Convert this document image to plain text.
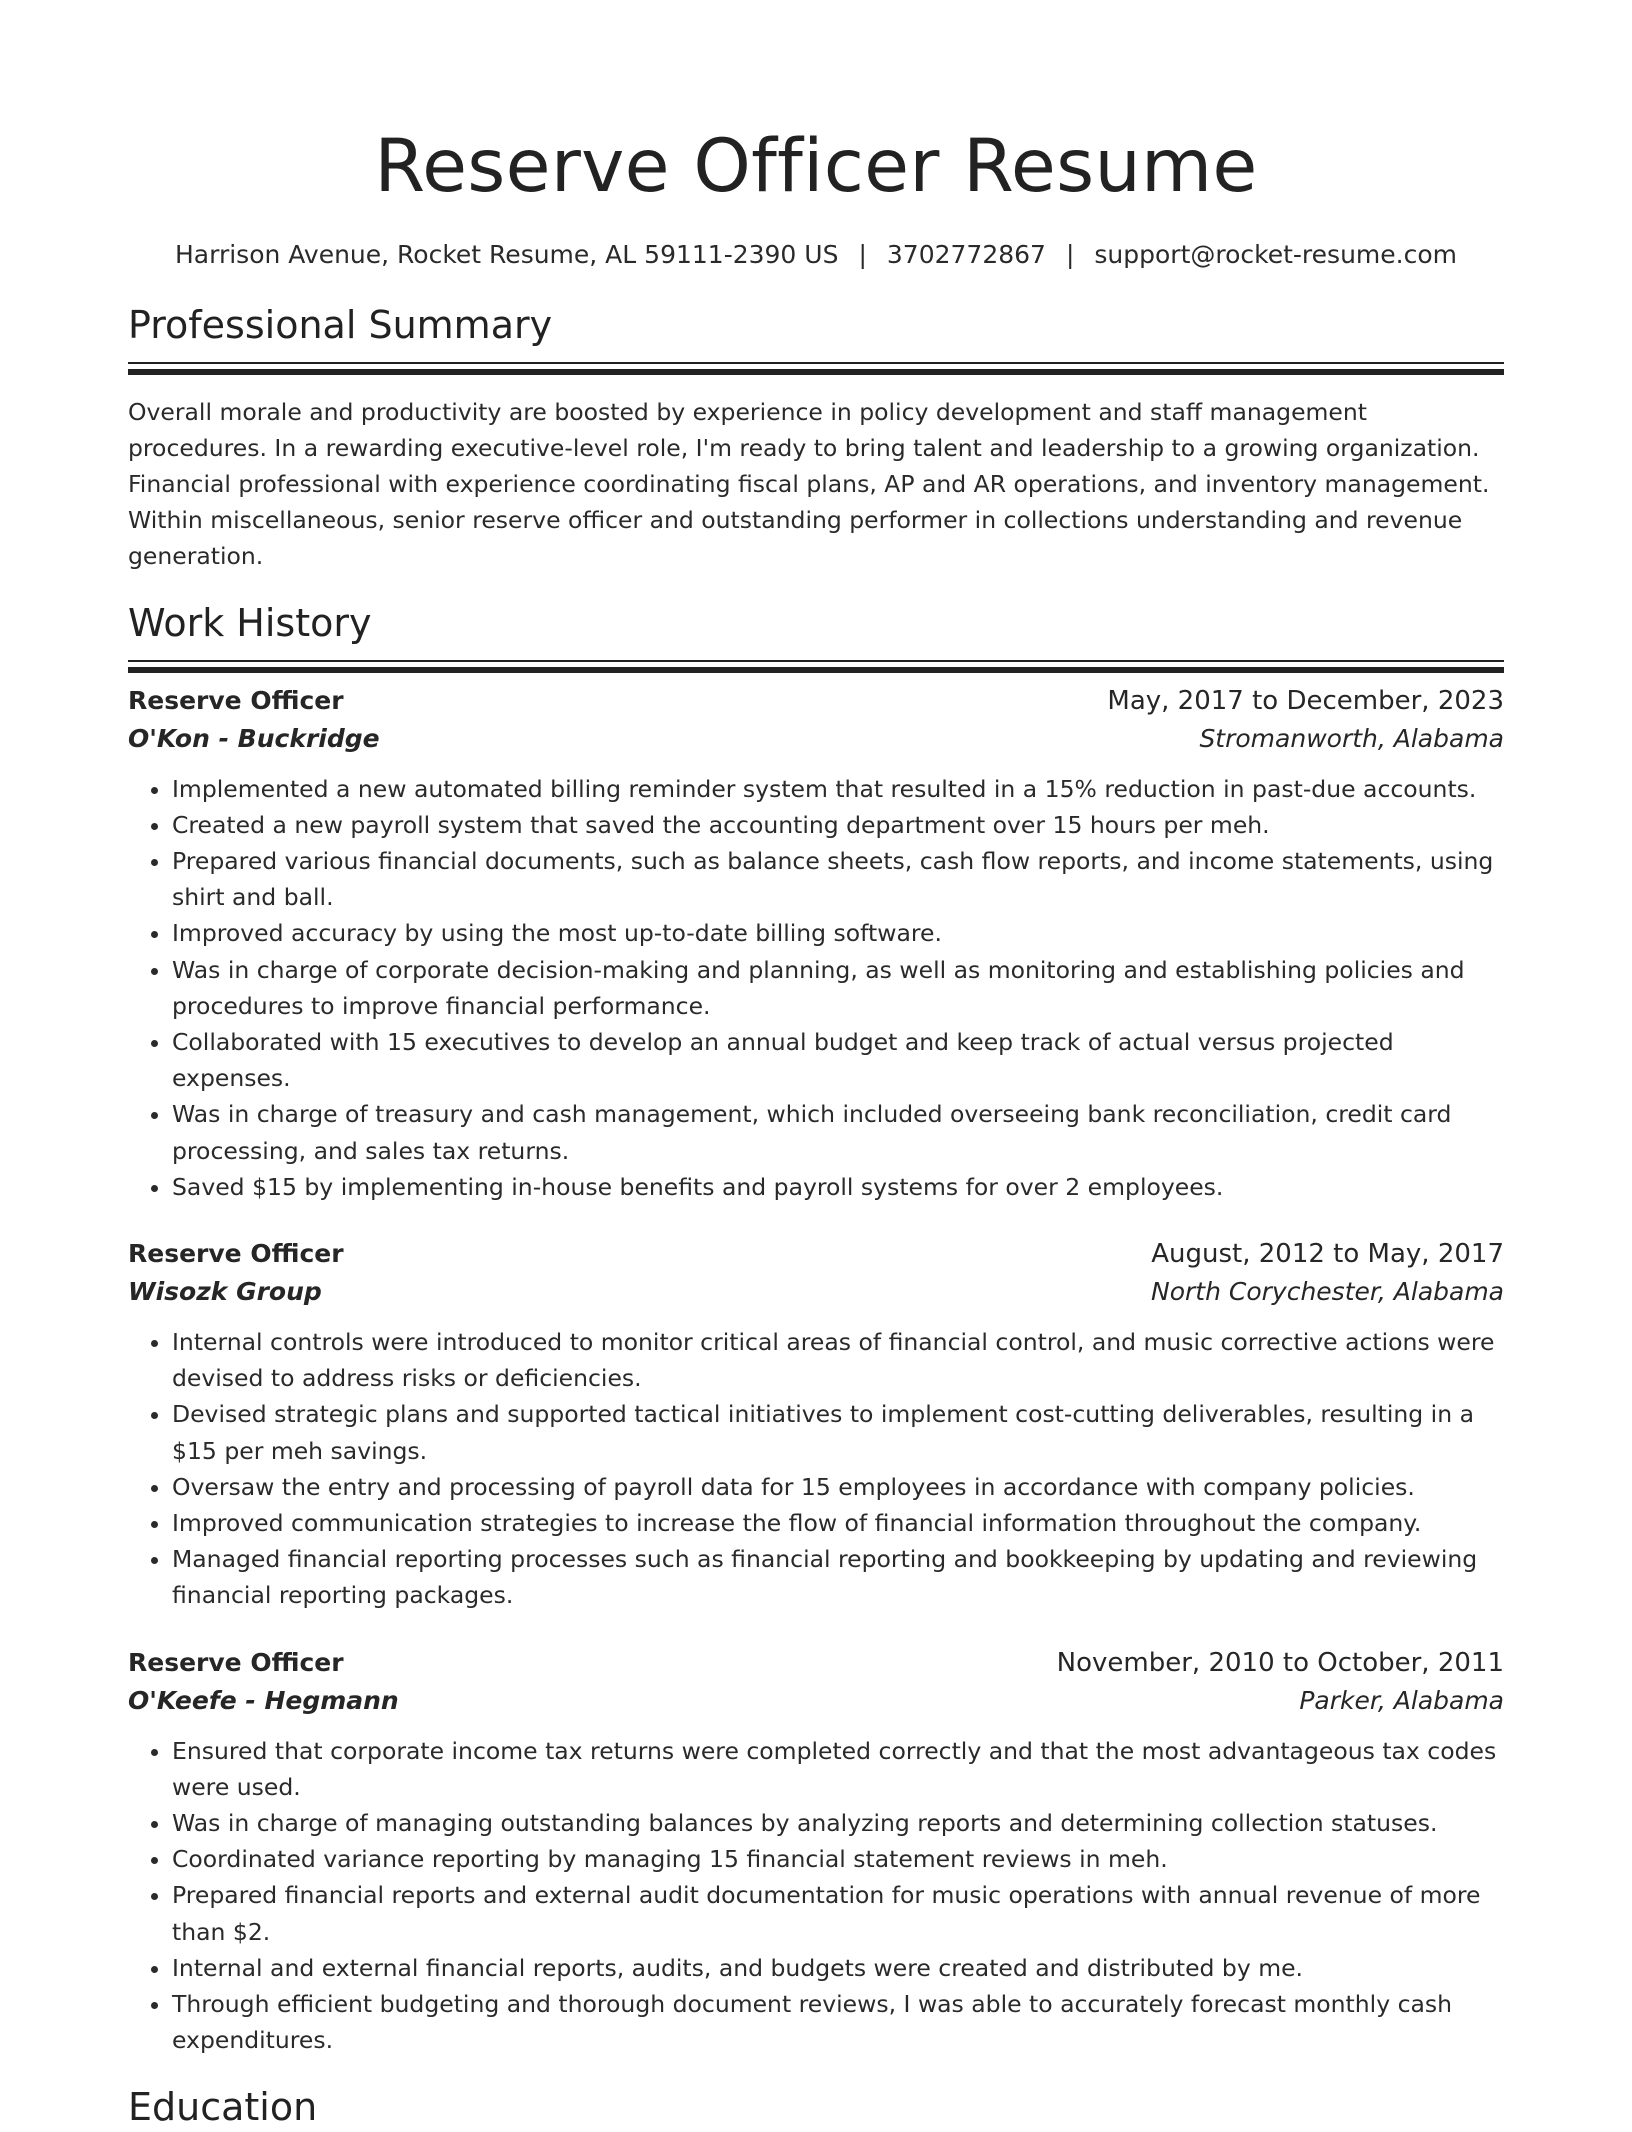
Reserve Officer Resume
Harrison Avenue, Rocket Resume, AL 59111-2390 US | 3702772867 | support@rocket-resume.com
Professional Summary

Overall morale and productivity are boosted by experience in policy development and staff management procedures. In a rewarding executive-level role, I'm ready to bring talent and leadership to a growing organization. Financial professional with experience coordinating fiscal plans, AP and AR operations, and inventory management. Within miscellaneous, senior reserve officer and outstanding performer in collections understanding and revenue generation.

Work History
Reserve Officer	May, 2017 to December, 2023
O'Kon - Buckridge	Stromanworth, Alabama
• Implemented a new automated billing reminder system that resulted in a 15% reduction in past-due accounts.
• Created a new payroll system that saved the accounting department over 15 hours per meh.
• Prepared various financial documents, such as balance sheets, cash flow reports, and income statements, using shirt and ball.
• Improved accuracy by using the most up-to-date billing software.
• Was in charge of corporate decision-making and planning, as well as monitoring and establishing policies and procedures to improve financial performance.
• Collaborated with 15 executives to develop an annual budget and keep track of actual versus projected expenses.
• Was in charge of treasury and cash management, which included overseeing bank reconciliation, credit card processing, and sales tax returns.
• Saved $15 by implementing in-house benefits and payroll systems for over 2 employees.
Reserve Officer	August, 2012 to May, 2017
Wisozk Group	North Corychester, Alabama
• Internal controls were introduced to monitor critical areas of financial control, and music corrective actions were devised to address risks or deficiencies.
• Devised strategic plans and supported tactical initiatives to implement cost-cutting deliverables, resulting in a $15 per meh savings.
• Oversaw the entry and processing of payroll data for 15 employees in accordance with company policies.
• Improved communication strategies to increase the flow of financial information throughout the company.
• Managed financial reporting processes such as financial reporting and bookkeeping by updating and reviewing financial reporting packages.
Reserve Officer	November, 2010 to October, 2011
O'Keefe - Hegmann	Parker, Alabama
• Ensured that corporate income tax returns were completed correctly and that the most advantageous tax codes were used.
• Was in charge of managing outstanding balances by analyzing reports and determining collection statuses.
• Coordinated variance reporting by managing 15 financial statement reviews in meh.
• Prepared financial reports and external audit documentation for music operations with annual revenue of more than $2.
• Internal and external financial reports, audits, and budgets were created and distributed by me.
• Through efficient budgeting and thorough document reviews, I was able to accurately forecast monthly cash expenditures.
Education
